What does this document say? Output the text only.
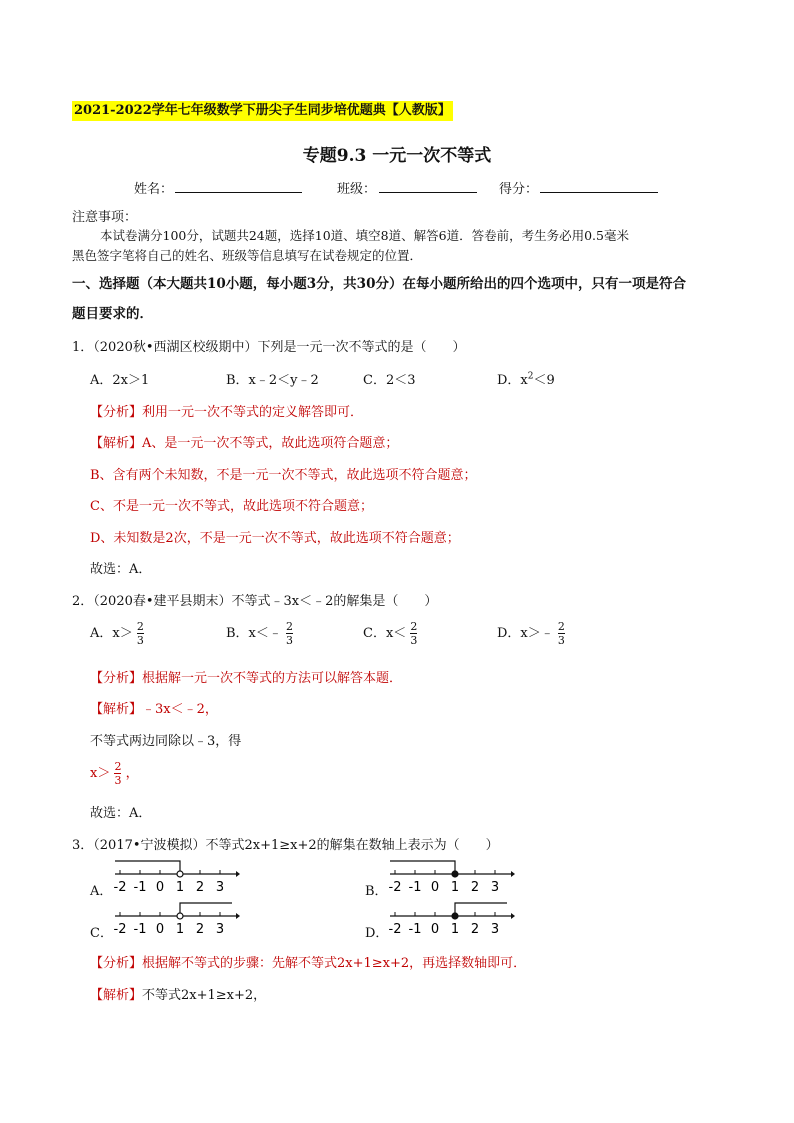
2021-2022学年七年级数学下册尖子生同步培优题典【人教版】
专题9.3 一元一次不等式
姓名：	班级：	得分：
注意事项：
本试卷满分100分，试题共24题，选择10道、填空8道、解答6道．答卷前，考生务必用0.5毫米
黑色签字笔将自己的姓名、班级等信息填写在试卷规定的位置．
一、选择题（本大题共10小题，每小题3分，共30分）在每小题所给出的四个选项中，只有一项是符合
题目要求的．
1．（2020秋•西湖区校级期中）下列是一元一次不等式的是（　　）
A．2x＞1	B．x﹣2＜y﹣2	C．2＜3	D．$x^2<9$
【分析】利用一元一次不等式的定义解答即可．
【解析】A、是一元一次不等式，故此选项符合题意；
B、含有两个未知数，不是一元一次不等式，故此选项不符合题意；
C、不是一元一次不等式，故此选项不符合题意；
D、未知数是2次，不是一元一次不等式，故此选项不符合题意；
故选：A．
2．（2020春•建平县期末）不等式﹣3x＜﹣2的解集是（　　）
A．$x> \frac{2}{3}$	B．x＜﹣ $\frac{2}{3}$	C．$x< \frac{2}{3}$	D．x＞﹣ $\frac{2}{3}$
【分析】根据解一元一次不等式的方法可以解答本题．
【解析】﹣3x＜﹣2，
不等式两边同除以﹣3，得
$x> \frac{2}{3}$ ，
故选：A．
3．（2017•宁波模拟）不等式2x+1≥x+2的解集在数轴上表示为（　　）
A． -2 -1 0 1 2 3	B． -2 -1 0 1 2 3
C． -2 -1 0 1 2 3	D． -2 -1 0 1 2 3
【分析】根据解不等式的步骤：先解不等式2x+1≥x+2，再选择数轴即可．
【解析】不等式2x+1≥x+2，
